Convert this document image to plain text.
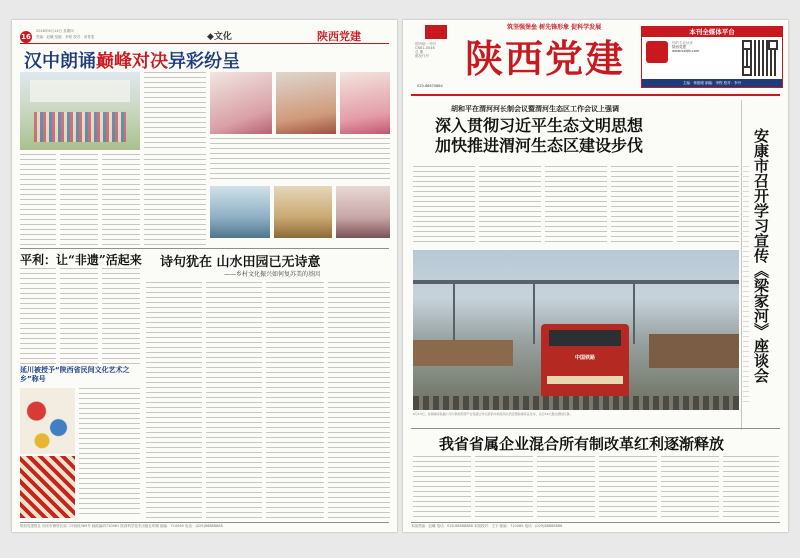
16
2018年6月14日 星期四
责编：赵曦 组版：李程 校对：高菁雯	◆文化	陕西党建
汉中朗诵巅峰对决异彩纷呈
平利：让“非遗”活起来
延川被授予“陕西省民间文化艺术之乡”称号
诗句犹在 山水田园已无诗意
——乡村文化振兴如何复苏美的基因
陕西党建报社 西安市雁塔区南二环西段369号 邮政编码710061 陕西科学技术出版社印刷 邮编：710065 电话：(029)88888888
筑坚强堡垒 树先锋形象 促科学发展
国内统一刊号
CN61-0046
总 期
邮发代号 陕西党建
029-68670864
本刊全媒体平台
你的专业伙伴
陕西党建
www.sxdjb.com
主编：杨艳刚 副编：李程 校对：李丹
胡和平在渭河河长制会议暨渭河生态区工作会议上强调
深入贯彻习近平生态文明思想
加快推进渭河生态区建设步伐	安康市召开学习宣传《梁家河》座谈会
中国铁路
6月13日，首趟国家铁路公司与陕西西部产业集团合作运营的中欧班列从西安国际港务区发车，运行16天抵达德国汉堡。
我省省属企业混合所有制改革红利逐渐释放
本版责编：赵曦 电话：029-88888888 本版校对：王宇 邮编：710065 电话：(029)88888888
